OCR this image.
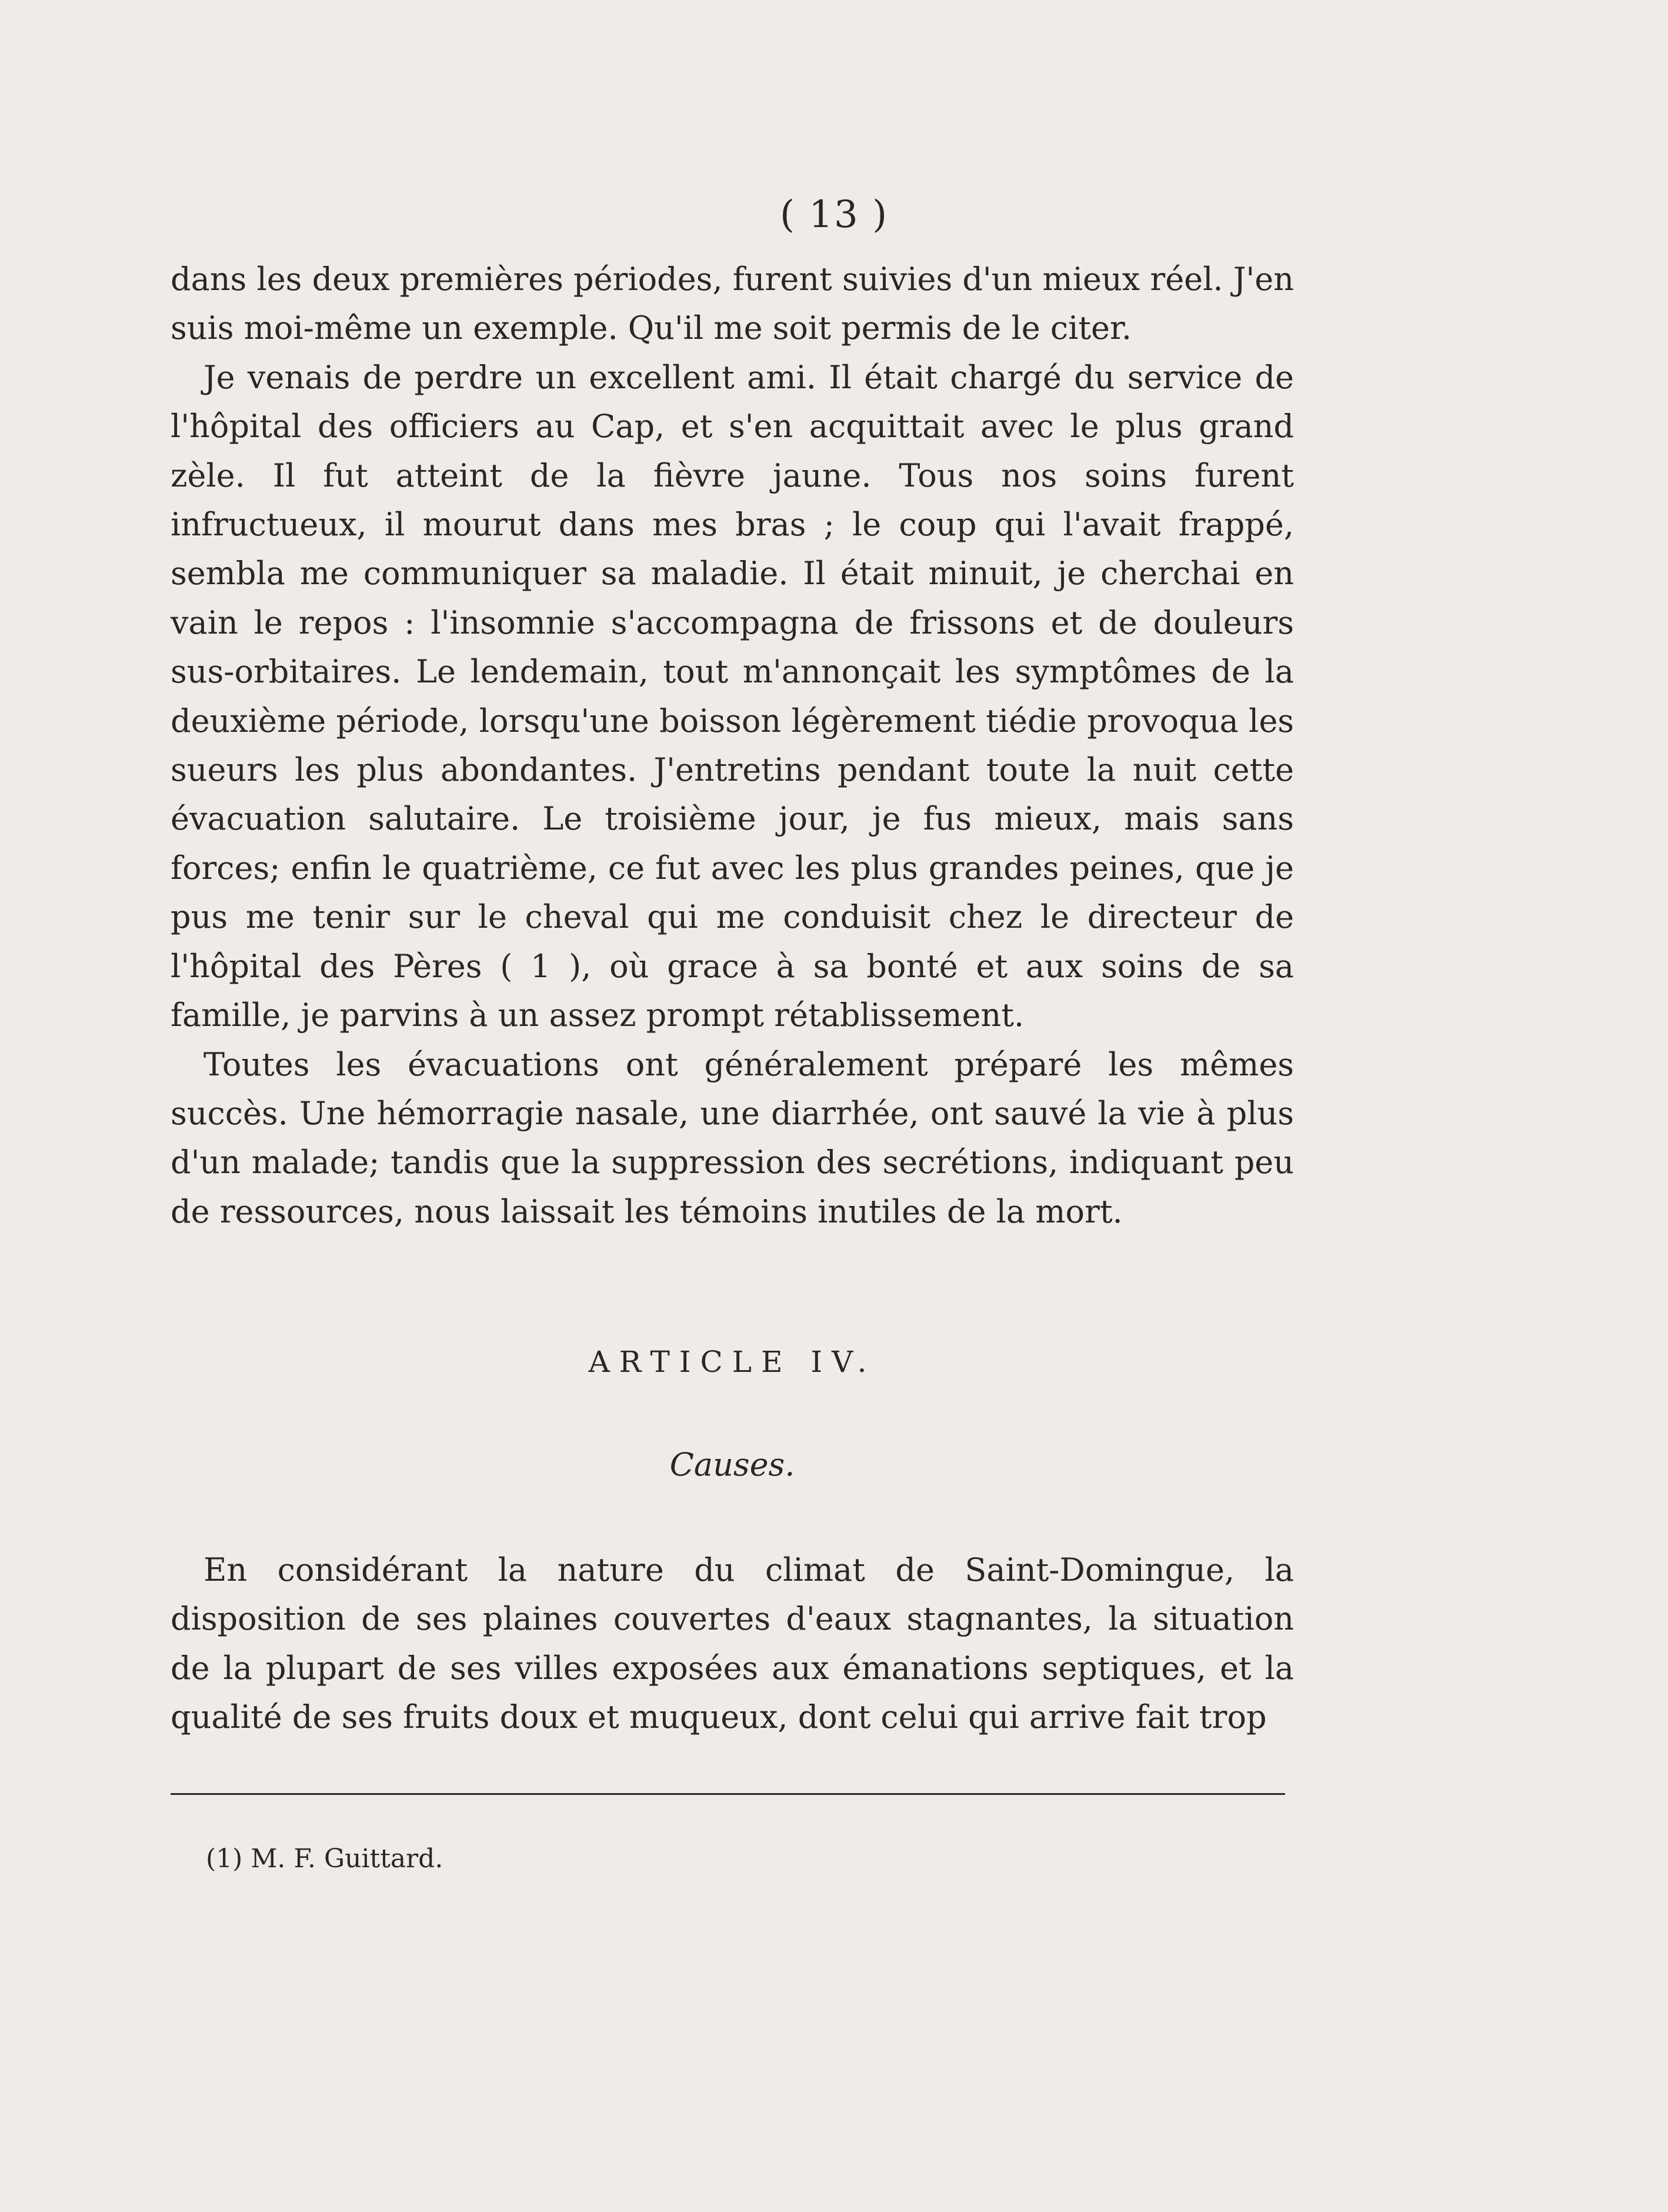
( 13 )

dans les deux premières périodes, furent suivies d'un mieux réel. J'en suis moi-même un exemple. Qu'il me soit permis de le citer.

Je venais de perdre un excellent ami. Il était chargé du service de l'hôpital des officiers au Cap, et s'en acquittait avec le plus grand zèle. Il fut atteint de la fièvre jaune. Tous nos soins furent infructueux, il mourut dans mes bras ; le coup qui l'avait frappé, sembla me communiquer sa maladie. Il était minuit, je cherchai en vain le repos : l'insomnie s'accompagna de frissons et de douleurs sus-orbitaires. Le lendemain, tout m'annonçait les symptômes de la deuxième période, lorsqu'une boisson légèrement tiédie provoqua les sueurs les plus abondantes. J'entretins pendant toute la nuit cette évacuation salutaire. Le troisième jour, je fus mieux, mais sans forces; enfin le quatrième, ce fut avec les plus grandes peines, que je pus me tenir sur le cheval qui me conduisit chez le directeur de l'hôpital des Pères ( 1 ), où grace à sa bonté et aux soins de sa famille, je parvins à un assez prompt rétablissement.

Toutes les évacuations ont généralement préparé les mêmes succès. Une hémorragie nasale, une diarrhée, ont sauvé la vie à plus d'un malade; tandis que la suppression des secrétions, indiquant peu de ressources, nous laissait les témoins inutiles de la mort.

ARTICLE IV.
Causes.

En considérant la nature du climat de Saint-Domingue, la disposition de ses plaines couvertes d'eaux stagnantes, la situation de la plupart de ses villes exposées aux émanations septiques, et la qualité de ses fruits doux et muqueux, dont celui qui arrive fait trop

(1) M. F. Guittard.
